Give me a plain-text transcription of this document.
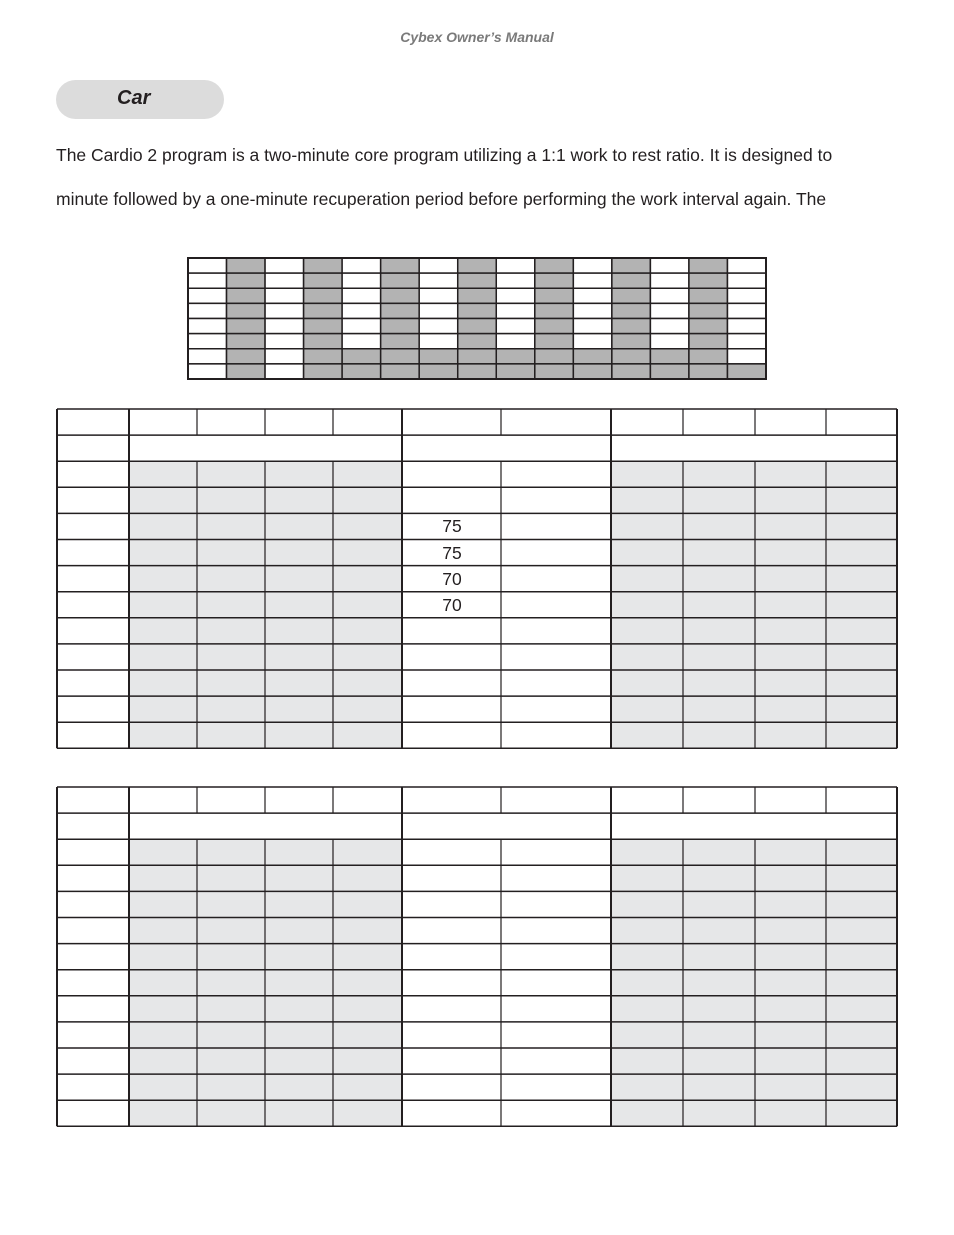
Cybex Owner’s Manual
Car
The Cardio 2 program is a two-minute core program utilizing a 1:1 work to rest ratio. It is designed to
minute followed by a one-minute recuperation period before performing the work interval again. The
75
75
70
70
